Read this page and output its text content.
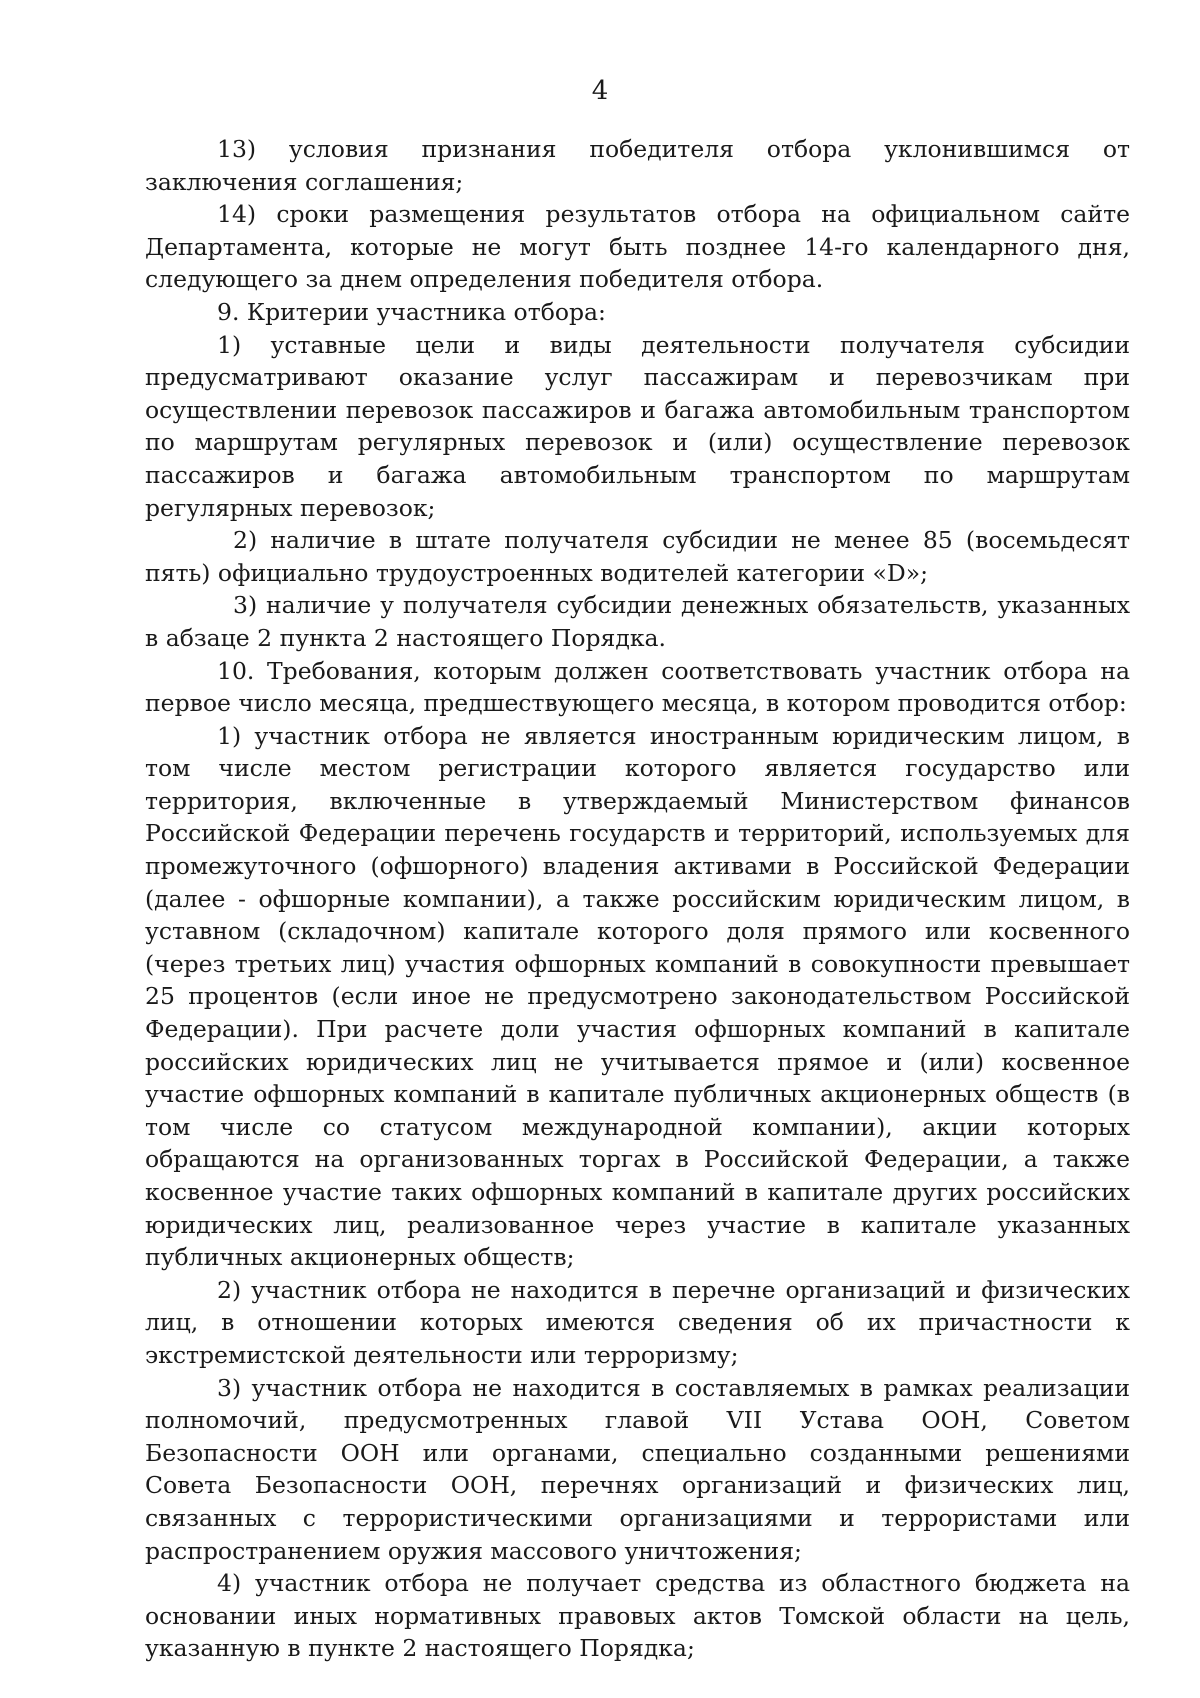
4

13) условия признания победителя отбора уклонившимся от заключения соглашения;

14) сроки размещения результатов отбора на официальном сайте Департамента, которые не могут быть позднее 14-го календарного дня, следующего за днем определения победителя отбора.

9. Критерии участника отбора:

1) уставные цели и виды деятельности получателя субсидии предусматривают оказание услуг пассажирам и перевозчикам при осуществлении перевозок пассажиров и багажа автомобильным транспортом по маршрутам регулярных перевозок и (или) осуществление перевозок пассажиров и багажа автомобильным транспортом по маршрутам регулярных перевозок;

2) наличие в штате получателя субсидии не менее 85 (восемьдесят пять) официально трудоустроенных водителей категории «D»;

3) наличие у получателя субсидии денежных обязательств, указанных в абзаце 2 пункта 2 настоящего Порядка.

10. Требования, которым должен соответствовать участник отбора на первое число месяца, предшествующего месяца, в котором проводится отбор:

1) участник отбора не является иностранным юридическим лицом, в том числе местом регистрации которого является государство или территория, включенные в утверждаемый Министерством финансов Российской Федерации перечень государств и территорий, используемых для промежуточного (офшорного) владения активами в Российской Федерации (далее - офшорные компании), а также российским юридическим лицом, в уставном (складочном) капитале которого доля прямого или косвенного (через третьих лиц) участия офшорных компаний в совокупности превышает 25 процентов (если иное не предусмотрено законодательством Российской Федерации). При расчете доли участия офшорных компаний в капитале российских юридических лиц не учитывается прямое и (или) косвенное участие офшорных компаний в капитале публичных акционерных обществ (в том числе со статусом международной компании), акции которых обращаются на организованных торгах в Российской Федерации, а также косвенное участие таких офшорных компаний в капитале других российских юридических лиц, реализованное через участие в капитале указанных публичных акционерных обществ;

2) участник отбора не находится в перечне организаций и физических лиц, в отношении которых имеются сведения об их причастности к экстремистской деятельности или терроризму;

3) участник отбора не находится в составляемых в рамках реализации полномочий, предусмотренных главой VII Устава ООН, Советом Безопасности ООН или органами, специально созданными решениями Совета Безопасности ООН, перечнях организаций и физических лиц, связанных с террористическими организациями и террористами или распространением оружия массового уничтожения;

4) участник отбора не получает средства из областного бюджета на основании иных нормативных правовых актов Томской области на цель, указанную в пункте 2 настоящего Порядка;
